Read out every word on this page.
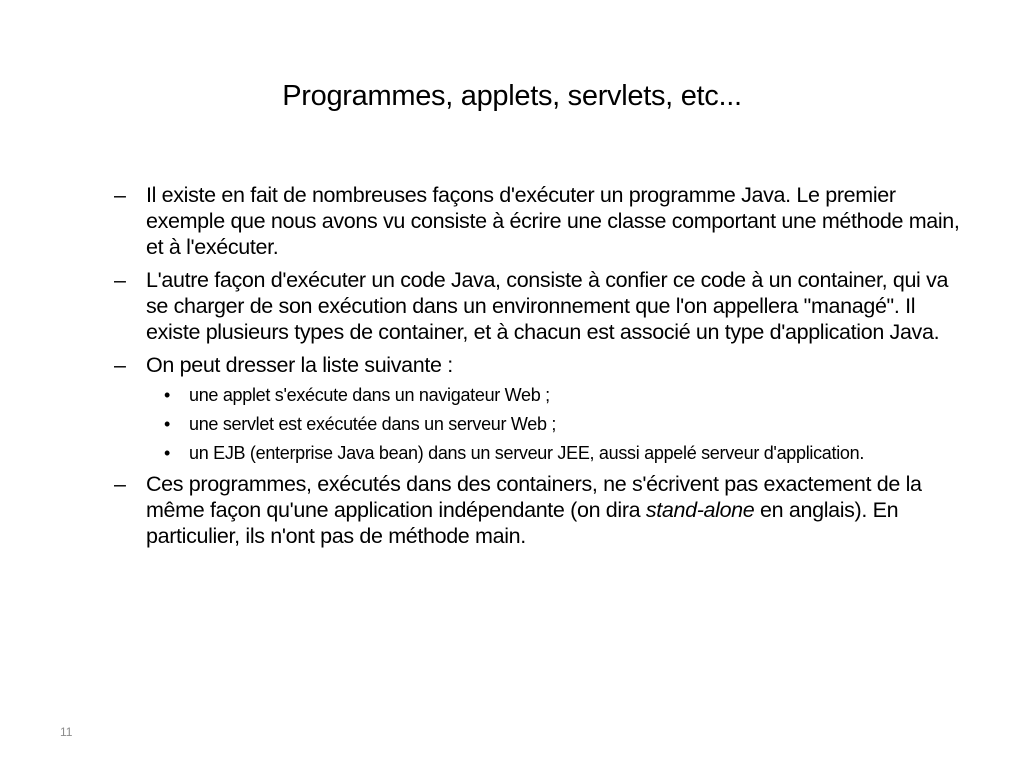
Programmes, applets, servlets, etc...
– Il existe en fait de nombreuses façons d'exécuter un programme Java. Le premier exemple que nous avons vu consiste à écrire une classe comportant une méthode main, et à l'exécuter.
– L'autre façon d'exécuter un code Java, consiste à confier ce code à un container, qui va se charger de son exécution dans un environnement que l'on appellera "managé". Il existe plusieurs types de container, et à chacun est associé un type d'application Java.
– On peut dresser la liste suivante :
•	une applet s'exécute dans un navigateur Web ;
•	une servlet est exécutée dans un serveur Web ;
•	un EJB (enterprise Java bean) dans un serveur JEE, aussi appelé serveur d'application.
– Ces programmes, exécutés dans des containers, ne s'écrivent pas exactement de la même façon qu'une application indépendante (on dira stand-alone en anglais). En particulier, ils n'ont pas de méthode main.
11
